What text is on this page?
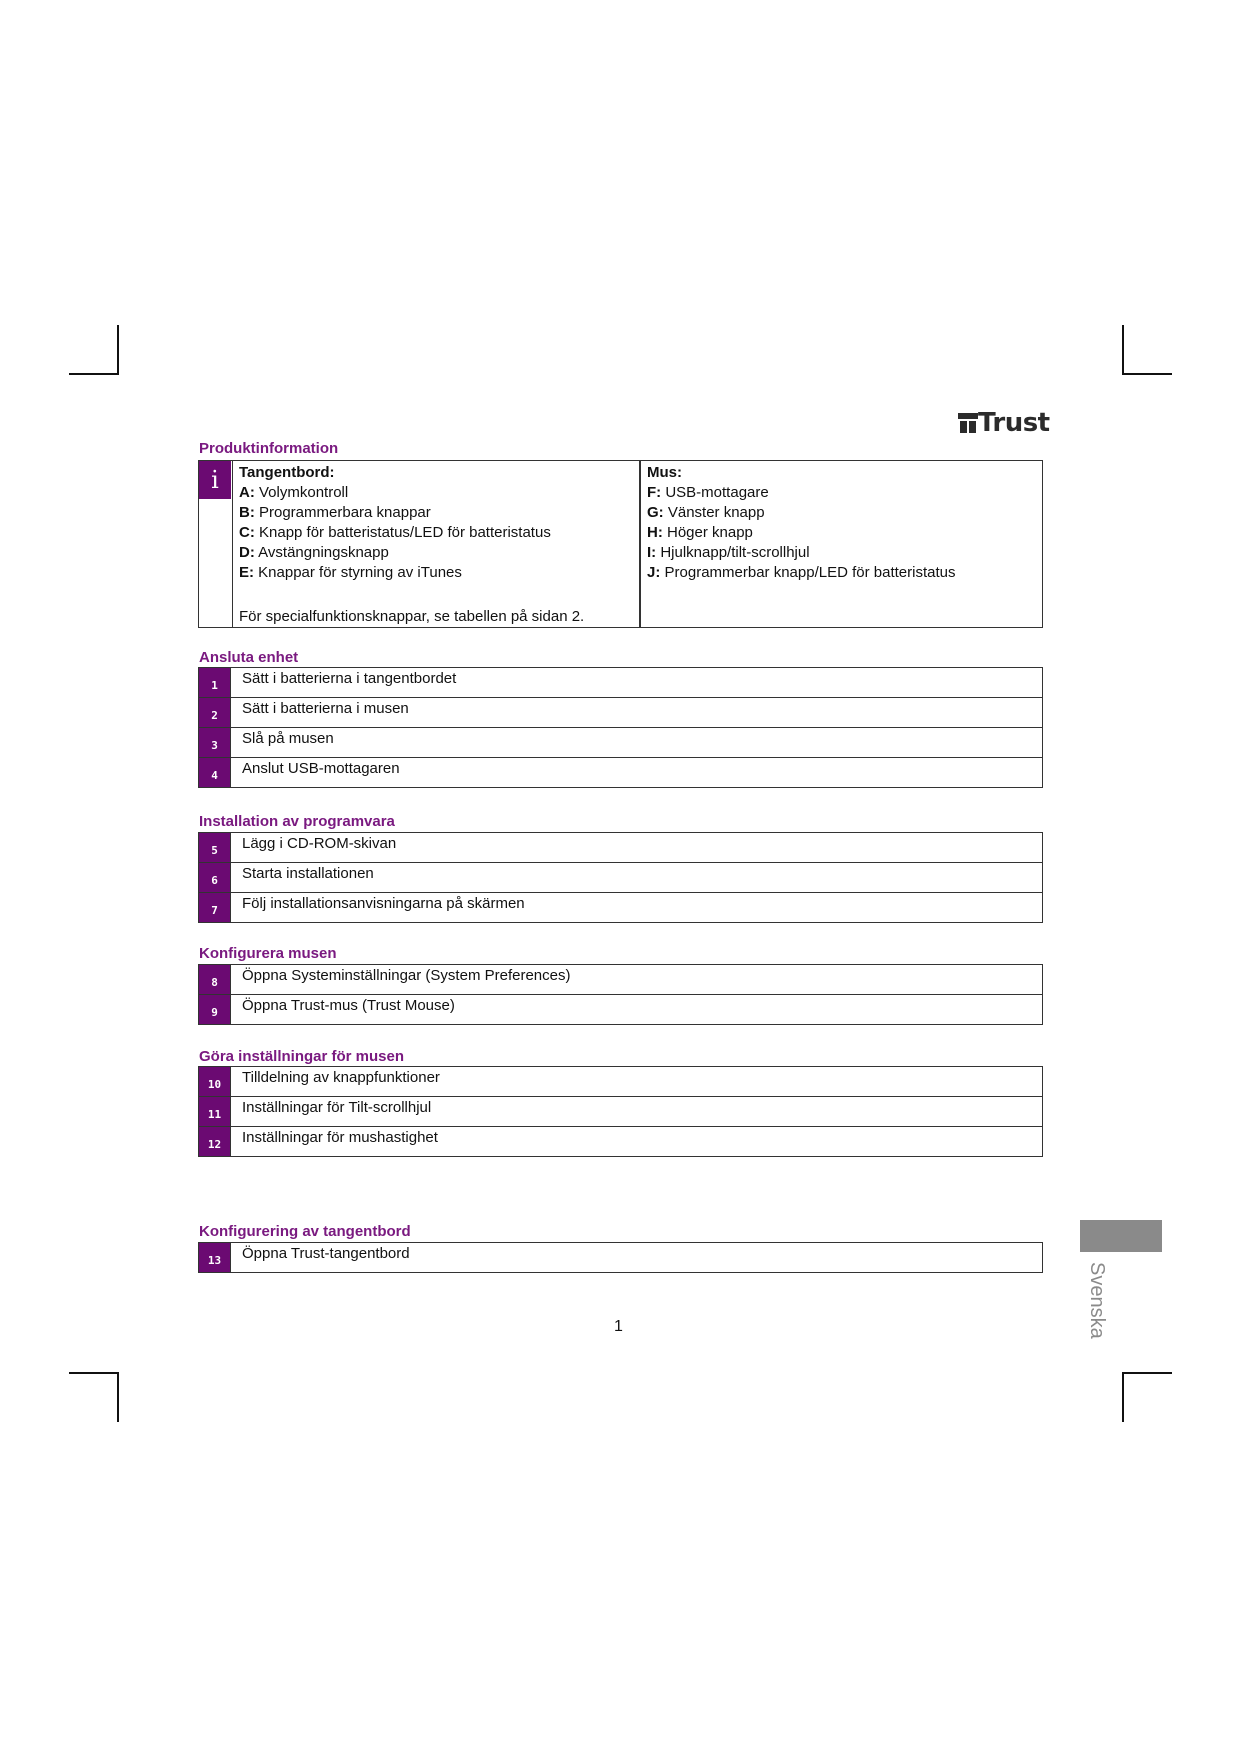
Trust
Produktinformation
i	Tangentbord:
A: Volymkontroll
B: Programmerbara knappar
C: Knapp för batteristatus/LED för batteristatus
D: Avstängningsknapp
E: Knappar för styrning av iTunes
För specialfunktionsknappar, se tabellen på sidan 2.
Mus:
F: USB-mottagare
G: Vänster knapp
H: Höger knapp
I: Hjulknapp/tilt-scrollhjul
J: Programmerbar knapp/LED för batteristatus
Ansluta enhet
1	Sätt i batterierna i tangentbordet
2	Sätt i batterierna i musen
3	Slå på musen
4	Anslut USB-mottagaren
Installation av programvara
5	Lägg i CD-ROM-skivan
6	Starta installationen
7	Följ installationsanvisningarna på skärmen
Konfigurera musen
8	Öppna Systeminställningar (System Preferences)
9	Öppna Trust-mus (Trust Mouse)
Göra inställningar för musen
10	Tilldelning av knappfunktioner
11	Inställningar för Tilt-scrollhjul
12	Inställningar för mushastighet
Konfigurering av tangentbord
13	Öppna Trust-tangentbord
1	Svenska
